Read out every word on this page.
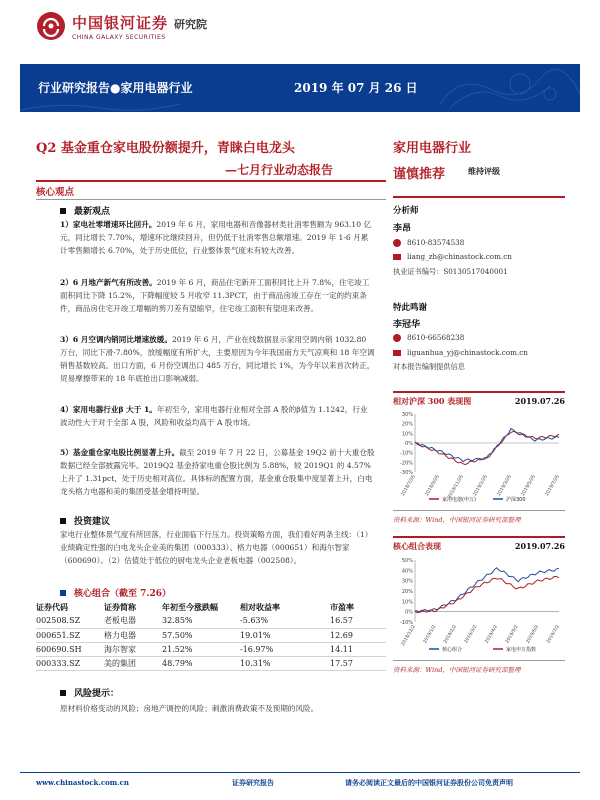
中国银河证券
CHINA GALAXY SECURITIES
研究院
行业研究报告●家用电器行业	2019 年 07 月 26 日
Q2 基金重仓家电股份额提升，青睐白电龙头
—七月行业动态报告
家用电器行业
谨慎推荐	维持评级
核心观点
最新观点
1）家电社零增速环比回升。2019 年 6 月，家用电器和音像器材类社消零售额为 963.10 亿元，同比增长 7.70%，增速环比继续回升，但仍低于社消零售总额增速。2019 年 1-6 月累计零售额增长 6.70%，处于历史低位，行业整体景气度未有较大改善。
2）6 月地产新气有所改善。2019 年 6 月，商品住宅新开工面积同比上升 7.8%，住宅竣工面积同比下降 15.2%，下降幅度较 5 月收窄 11.3PCT，由于商品房竣工存在一定的约束条件，商品房住宅开竣工增幅的剪刀差有望缩窄，住宅竣工面积有望迎来改善。
3）6 月空调内销同比增速放缓。2019 年 6 月，产业在线数据显示家用空调内销 1032.80 万台，同比下滑-7.80%，放缓幅度有所扩大，主要原因为今年我国南方天气凉爽和 18 年空调销售基数较高。出口方面，6 月份空调出口 485 万台，同比增长 1%，为今年以来首次转正，贸易摩擦带来的 18 年底抢出口影响减弱。
4）家用电器行业β 大于 1。年初至今，家用电器行业相对全部 A 股的β值为 1.1242，行业波动性大于对于全部 A 股，风险和收益均高于 A 股市场。
5）基金重仓家电股比例显著上升。截至 2019 年 7 月 22 日，公募基金 19Q2 前十大重仓股数据已经全部披露完毕。2019Q2 基金持家电重仓股比例为 5.88%，较 2019Q1 的 4.57%上升了 1.31pct，处于历史相对高位。具体标的配置方面，基金重仓股集中度显著上升，白电龙头格力电器和美的集团受基金增持明显。
投资建议
家电行业整体景气度有所回落，行业面临下行压力。投资策略方面，我们看好两条主线：（1）业绩确定性强的白电龙头企业美的集团（000333）、格力电器（000651）和海尔智家（600690）。（2）估值处于低位的厨电龙头企业老板电器（002508）。
核心组合（截至 7.26）
证券代码	证券简称	年初至今涨跌幅	相对收益率	市盈率
002508.SZ	老板电器	32.85%	-5.63%	16.57
000651.SZ	格力电器	57.50%	19.01%	12.69
600690.SH	海尔智家	21.52%	-16.97%	14.11
000333.SZ	美的集团	48.79%	10.31%	17.57
风险提示：
原材料价格变动的风险；房地产调控的风险；刺激消费政策不及预期的风险。
分析师
李昂
8610-83574538
liang_zh@chinastock.com.cn
执业证书编号：S0130517040001
特此鸣谢
李冠华
8610-66568238
liguanhua_yj@chinastock.com.cn
对本报告编制提供信息
相对沪深 300 表现图	2019.07.26
30%
20%
10%
0%
-10%
-20%
-30%
2018/7/26 2018/9/26 2018/11/26 2019/1/26 2019/3/26 2019/5/26 2019/7/26
家用电器(申万)	沪深300
资料来源：Wind，中国银河证券研究部整理
核心组合表现	2019.07.26
50%
40%
30%
20%
10%
0%
-10%
2018/12/2 2019/1/2 2019/2/2 2019/3/2 2019/4/2 2019/5/2 2019/6/2 2019/7/2
核心组合	家电申万指数
资料来源：Wind，中国银河证券研究部整理
www.chinastock.com.cn	证券研究报告	请务必阅读正文最后的中国银河证券股份公司免责声明
